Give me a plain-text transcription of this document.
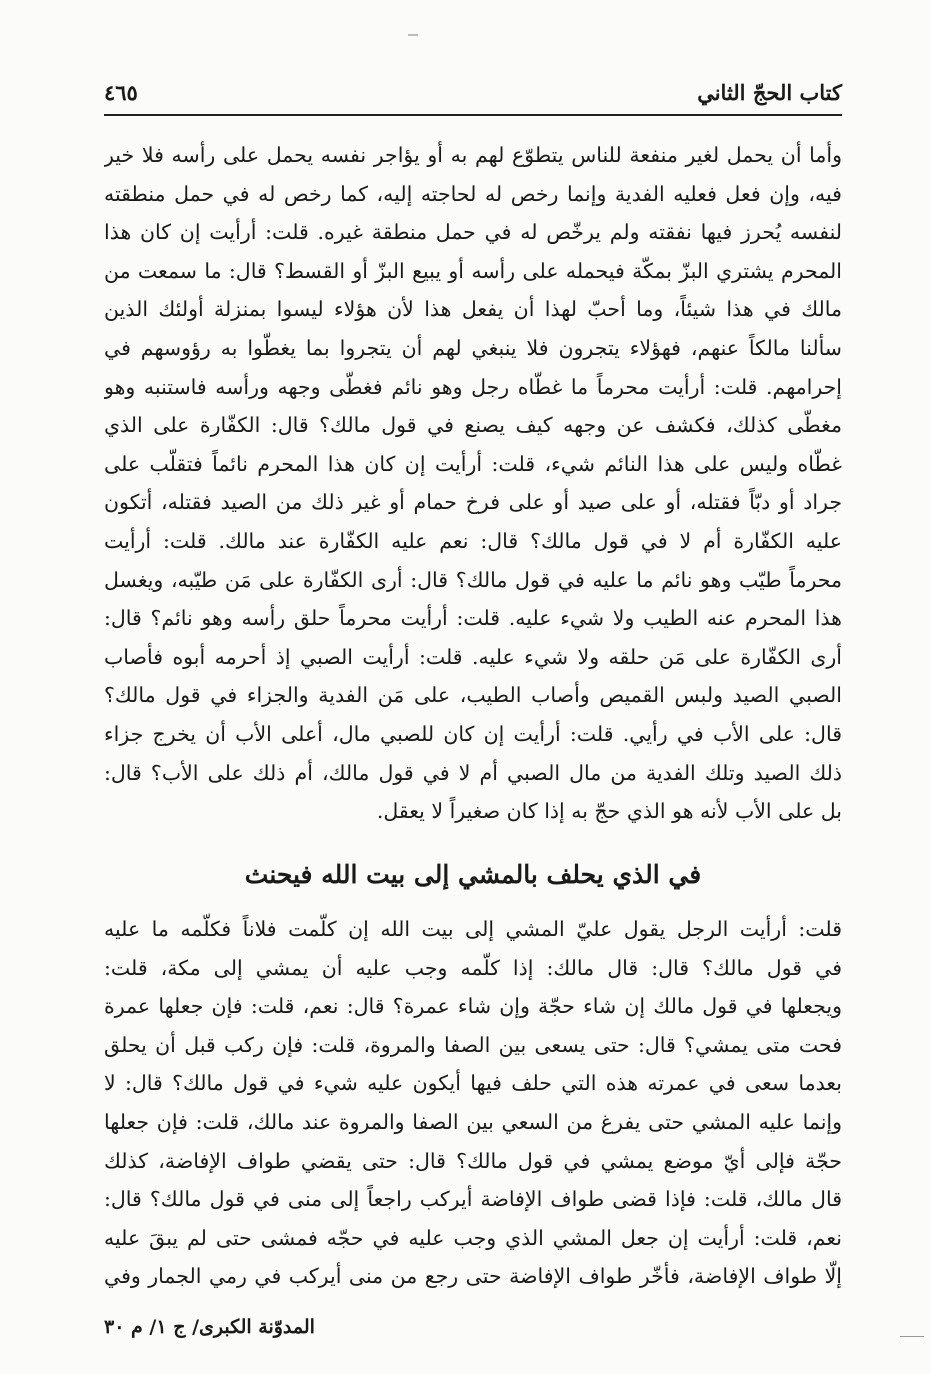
كتاب الحجّ الثاني
٤٦٥
وأما أن يحمل لغير منفعة للناس يتطوّع لهم به أو يؤاجر نفسه يحمل على رأسه فلا خير
فيه، وإن فعل فعليه الفدية وإنما رخص له لحاجته إليه، كما رخص له في حمل منطقته
لنفسه يُحرز فيها نفقته ولم يرخّص له في حمل منطقة غيره. قلت: أرأيت إن كان هذا
المحرم يشتري البزّ بمكّة فيحمله على رأسه أو يبيع البزّ أو القسط؟ قال: ما سمعت من
مالك في هذا شيئاً، وما أحبّ لهذا أن يفعل هذا لأن هؤلاء ليسوا بمنزلة أولئك الذين
سألنا مالكاً عنهم، فهؤلاء يتجرون فلا ينبغي لهم أن يتجروا بما يغطّوا به رؤوسهم في
إحرامهم. قلت: أرأيت محرماً ما غطّاه رجل وهو نائم فغطّى وجهه ورأسه فاستنبه وهو
مغطّى كذلك، فكشف عن وجهه كيف يصنع في قول مالك؟ قال: الكفّارة على الذي
غطّاه وليس على هذا النائم شيء، قلت: أرأيت إن كان هذا المحرم نائماً فتقلّب على
جراد أو دبّاً فقتله، أو على صيد أو على فرخ حمام أو غير ذلك من الصيد فقتله، أتكون
عليه الكفّارة أم لا في قول مالك؟ قال: نعم عليه الكفّارة عند مالك. قلت: أرأيت
محرماً طيّب وهو نائم ما عليه في قول مالك؟ قال: أرى الكفّارة على مَن طيّبه، ويغسل
هذا المحرم عنه الطيب ولا شيء عليه. قلت: أرأيت محرماً حلق رأسه وهو نائم؟ قال:
أرى الكفّارة على مَن حلقه ولا شيء عليه. قلت: أرأيت الصبي إذ أحرمه أبوه فأصاب
الصبي الصيد ولبس القميص وأصاب الطيب، على مَن الفدية والجزاء في قول مالك؟
قال: على الأب في رأيي. قلت: أرأيت إن كان للصبي مال، أعلى الأب أن يخرج جزاء
ذلك الصيد وتلك الفدية من مال الصبي أم لا في قول مالك، أم ذلك على الأب؟ قال:
بل على الأب لأنه هو الذي حجّ به إذا كان صغيراً لا يعقل.
في الذي يحلف بالمشي إلى بيت الله فيحنث
قلت: أرأيت الرجل يقول عليّ المشي إلى بيت الله إن كلّمت فلاناً فكلّمه ما عليه
في قول مالك؟ قال: قال مالك: إذا كلّمه وجب عليه أن يمشي إلى مكة، قلت:
ويجعلها في قول مالك إن شاء حجّة وإن شاء عمرة؟ قال: نعم، قلت: فإن جعلها عمرة
فحت متى يمشي؟ قال: حتى يسعى بين الصفا والمروة، قلت: فإن ركب قبل أن يحلق
بعدما سعى في عمرته هذه التي حلف فيها أيكون عليه شيء في قول مالك؟ قال: لا
وإنما عليه المشي حتى يفرغ من السعي بين الصفا والمروة عند مالك، قلت: فإن جعلها
حجّة فإلى أيّ موضع يمشي في قول مالك؟ قال: حتى يقضي طواف الإفاضة، كذلك
قال مالك، قلت: فإذا قضى طواف الإفاضة أيركب راجعاً إلى منى في قول مالك؟ قال:
نعم، قلت: أرأيت إن جعل المشي الذي وجب عليه في حجّه فمشى حتى لم يبقَ عليه
إلّا طواف الإفاضة، فأخّر طواف الإفاضة حتى رجع من منى أيركب في رمي الجمار وفي
المدوّنة الكبرى/ ج ١/ م ٣٠
